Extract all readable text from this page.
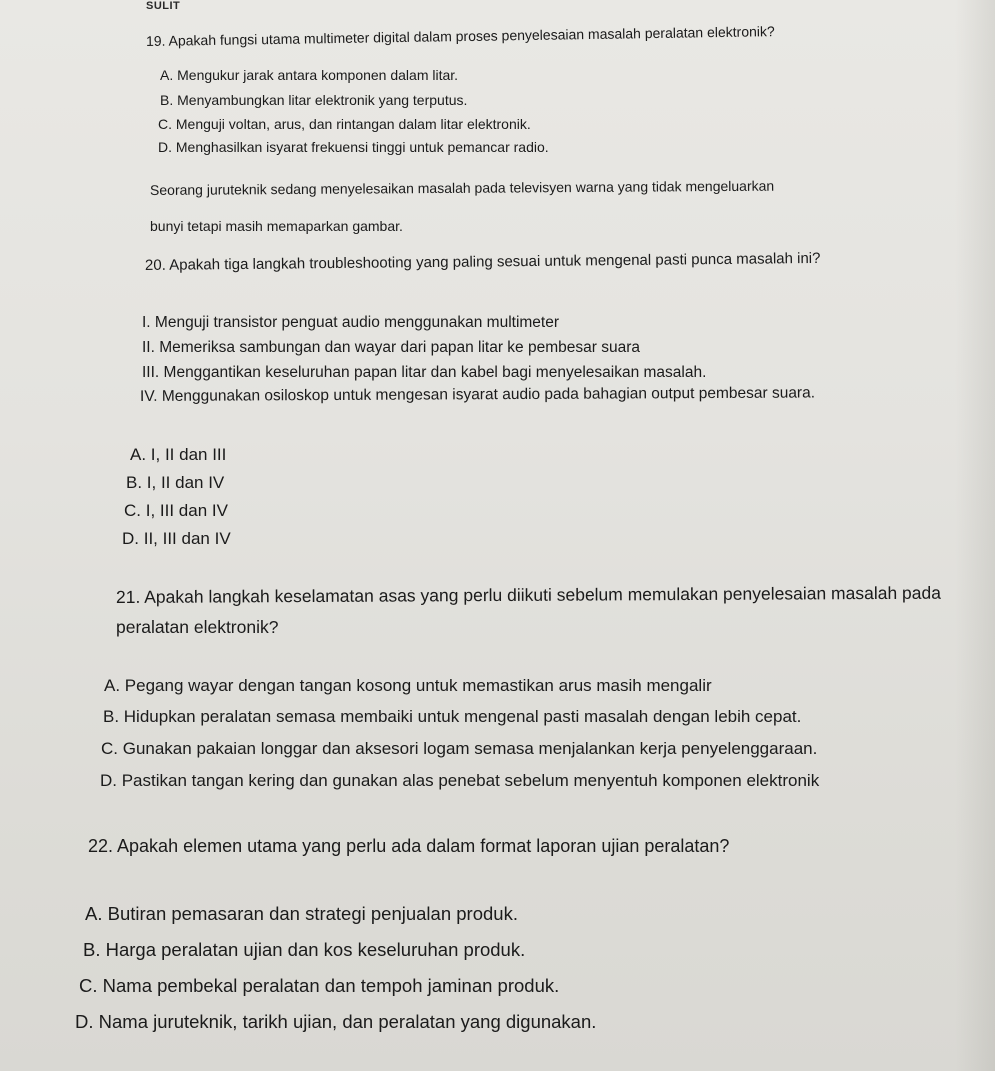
SULIT
19. Apakah fungsi utama multimeter digital dalam proses penyelesaian masalah peralatan elektronik?
A. Mengukur jarak antara komponen dalam litar.
B. Menyambungkan litar elektronik yang terputus.
C. Menguji voltan, arus, dan rintangan dalam litar elektronik.
D. Menghasilkan isyarat frekuensi tinggi untuk pemancar radio.
Seorang juruteknik sedang menyelesaikan masalah pada televisyen warna yang tidak mengeluarkan
bunyi tetapi masih memaparkan gambar.
20. Apakah tiga langkah troubleshooting yang paling sesuai untuk mengenal pasti punca masalah ini?
I. Menguji transistor penguat audio menggunakan multimeter
II. Memeriksa sambungan dan wayar dari papan litar ke pembesar suara
III. Menggantikan keseluruhan papan litar dan kabel bagi menyelesaikan masalah.
IV. Menggunakan osiloskop untuk mengesan isyarat audio pada bahagian output pembesar suara.
A. I, II dan III
B. I, II dan IV
C. I, III dan IV
D. II, III dan IV
21. Apakah langkah keselamatan asas yang perlu diikuti sebelum memulakan penyelesaian masalah pada
peralatan elektronik?
A. Pegang wayar dengan tangan kosong untuk memastikan arus masih mengalir
B. Hidupkan peralatan semasa membaiki untuk mengenal pasti masalah dengan lebih cepat.
C. Gunakan pakaian longgar dan aksesori logam semasa menjalankan kerja penyelenggaraan.
D. Pastikan tangan kering dan gunakan alas penebat sebelum menyentuh komponen elektronik
22. Apakah elemen utama yang perlu ada dalam format laporan ujian peralatan?
A. Butiran pemasaran dan strategi penjualan produk.
B. Harga peralatan ujian dan kos keseluruhan produk.
C. Nama pembekal peralatan dan tempoh jaminan produk.
D. Nama juruteknik, tarikh ujian, dan peralatan yang digunakan.
